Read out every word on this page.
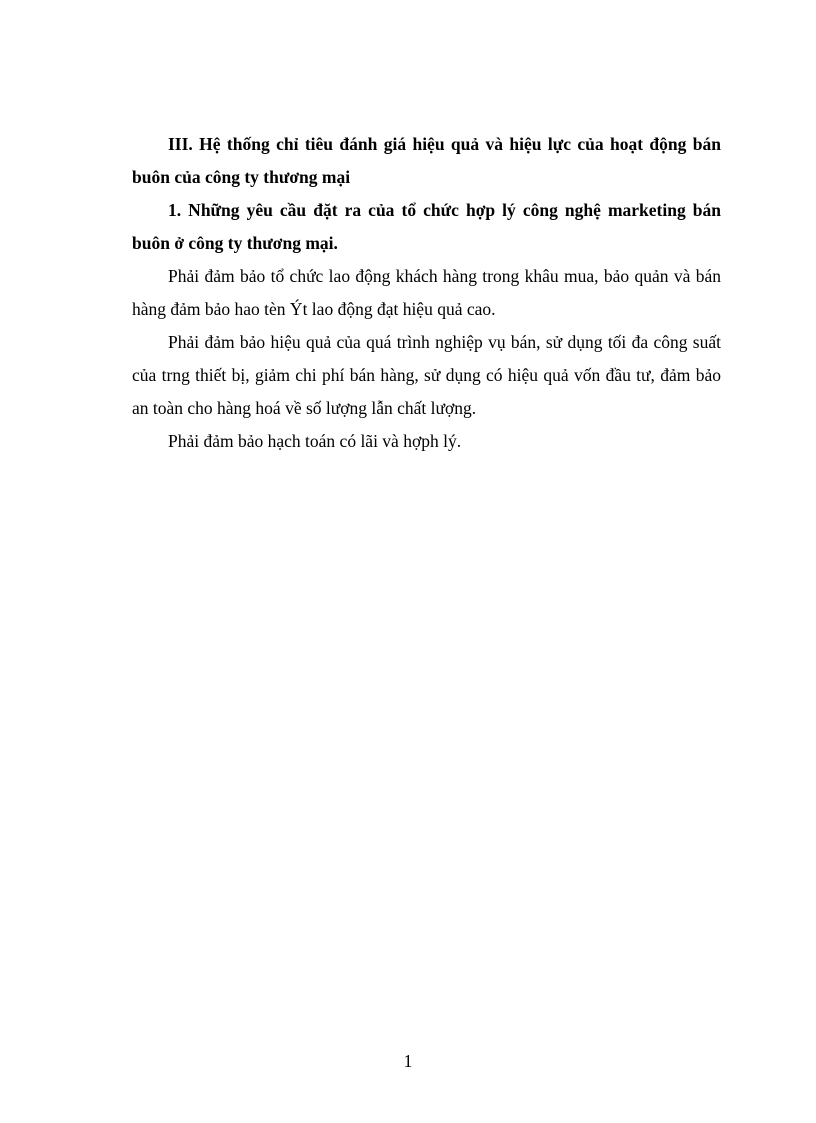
III. Hệ thống chỉ tiêu đánh giá hiệu quả và hiệu lực của hoạt động bán buôn của công ty thương mại

1. Những yêu cầu đặt ra của tổ chức hợp lý công nghệ marketing bán buôn ở công ty thương mại.

Phải đảm bảo tổ chức lao động khách hàng trong khâu mua, bảo quản và bán hàng đảm bảo hao tèn Ýt lao động đạt hiệu quả cao.

Phải đảm bảo hiệu quả của quá trình nghiệp vụ bán, sử dụng tối đa công suất của trng thiết bị, giảm chi phí bán hàng, sử dụng có hiệu quả vốn đầu tư, đảm bảo an toàn cho hàng hoá về số lượng lẫn chất lượng.

Phải đảm bảo hạch toán có lãi và hợph lý.

1
